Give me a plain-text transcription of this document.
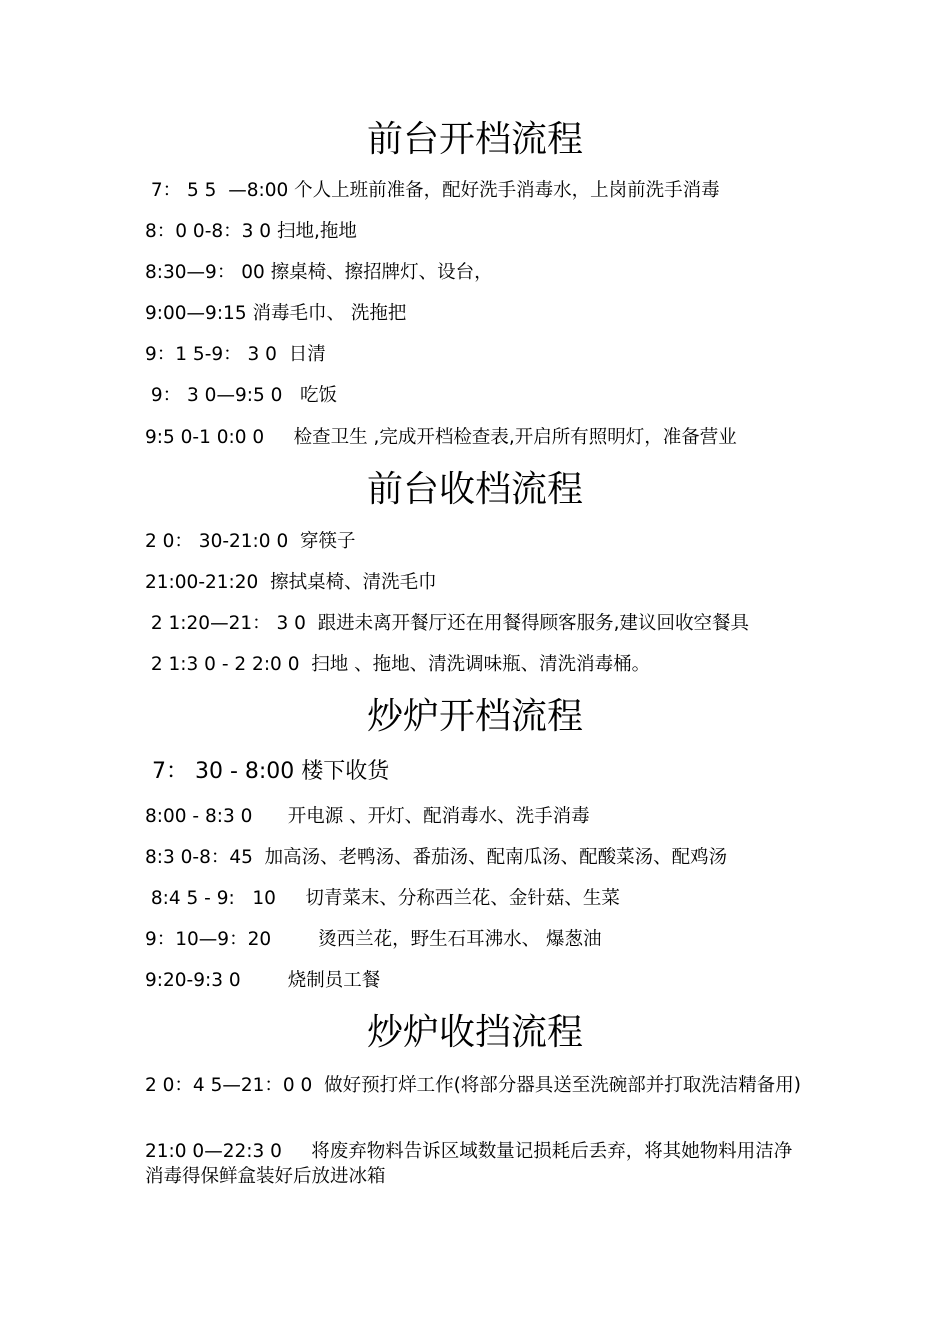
前台开档流程

7： 5 5  —8:00 个人上班前准备，配好洗手消毒水，上岗前洗手消毒

8：0 0-8：3 0 扫地,拖地

8:30—9： 00 擦桌椅、擦招牌灯、设台，

9:00—9:15 消毒毛巾、 洗拖把

9：1 5-9： 3 0  日清

9： 3 0—9:5 0   吃饭

9:5 0-1 0:0 0     检查卫生 ,完成开档检查表,开启所有照明灯，准备营业

前台收档流程

2 0： 30-21:0 0  穿筷子

21:00-21:20  擦拭桌椅、清洗毛巾

2 1:20—21： 3 0  跟进未离开餐厅还在用餐得顾客服务,建议回收空餐具

2 1:3 0 - 2 2:0 0  扫地 、拖地、清洗调味瓶、清洗消毒桶。

炒炉开档流程

7： 30 - 8:00 楼下收货

8:00 - 8:3 0      开电源 、开灯、配消毒水、洗手消毒

8:3 0-8：45  加高汤、老鸭汤、番茄汤、配南瓜汤、配酸菜汤、配鸡汤

8:4 5 - 9:   10     切青菜末、分称西兰花、金针菇、生菜

9：10—9：20        烫西兰花，野生石耳沸水、 爆葱油

9:20-9:3 0        烧制员工餐

炒炉收挡流程

2 0：4 5—21：0 0  做好预打烊工作(将部分器具送至洗碗部并打取洗洁精备用)

21:0 0—22:3 0     将废弃物料告诉区域数量记损耗后丢弃，将其她物料用洁净消毒得保鲜盒装好后放进冰箱
